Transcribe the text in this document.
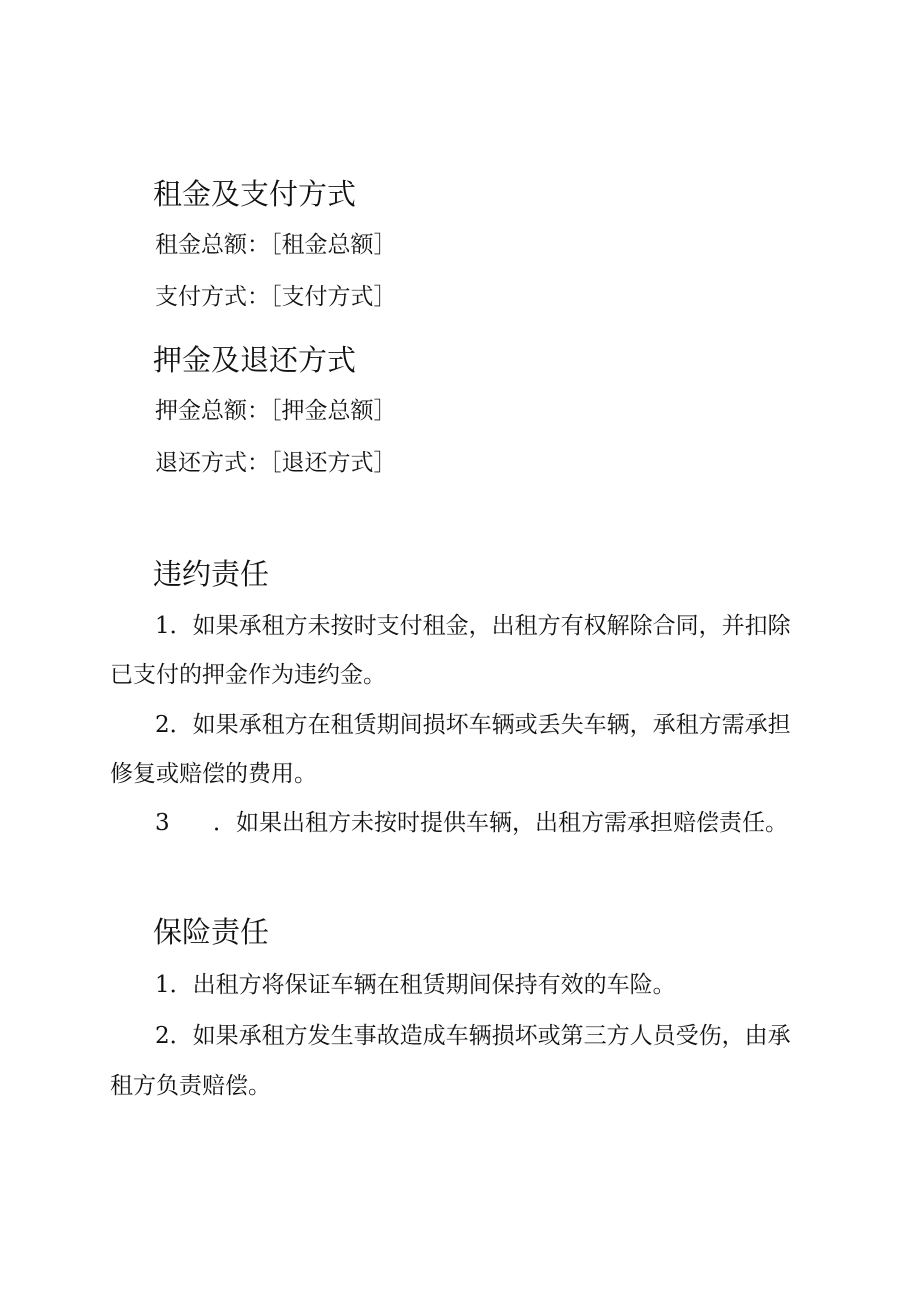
租金及支付方式
租金总额：［租金总额］
支付方式：［支付方式］
押金及退还方式
押金总额：［押金总额］
退还方式：［退还方式］
违约责任
1．如果承租方未按时支付租金，出租方有权解除合同，并扣除
已支付的押金作为违约金。
2．如果承租方在租赁期间损坏车辆或丢失车辆，承租方需承担
修复或赔偿的费用。
3 ．如果出租方未按时提供车辆，出租方需承担赔偿责任。
保险责任
1．出租方将保证车辆在租赁期间保持有效的车险。
2．如果承租方发生事故造成车辆损坏或第三方人员受伤，由承
租方负责赔偿。
